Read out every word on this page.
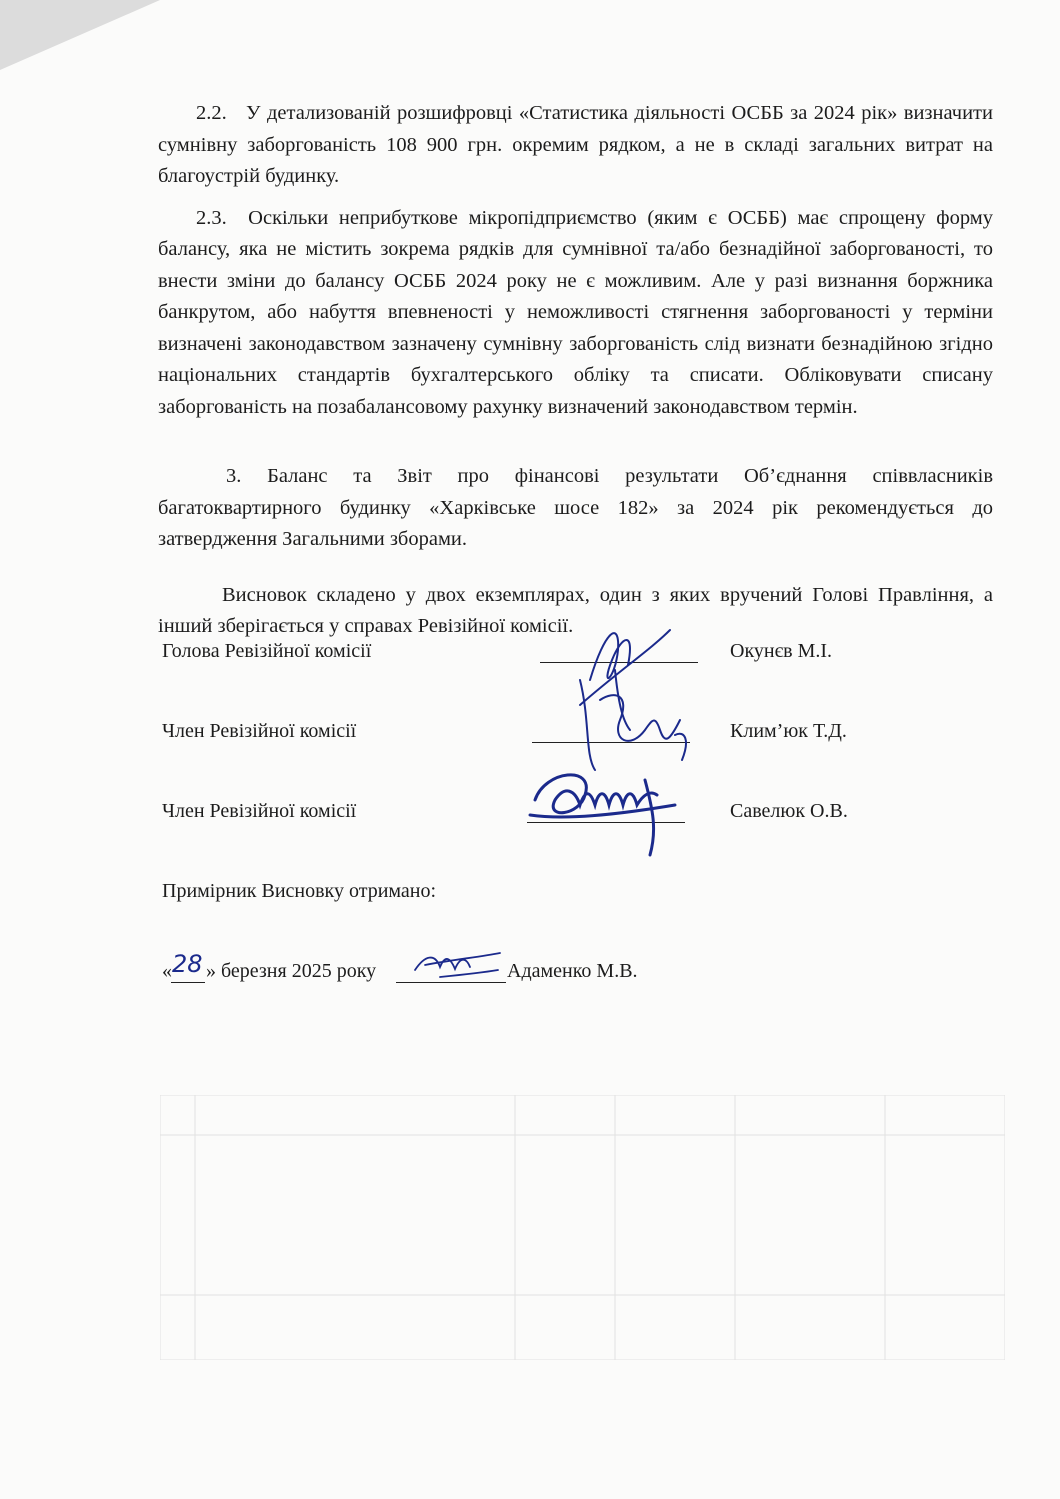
2.2.   У детализованій розшифровці «Статистика діяльності ОСББ за 2024 рік» визначити сумнівну заборгованість 108 900 грн. окремим рядком, а не в складі загальних витрат на благоустрій будинку.

2.3.  Оскільки неприбуткове мікропідприємство (яким є ОСББ) має спрощену форму балансу, яка не містить зокрема рядків для сумнівної та/або безнадійної заборгованості, то внести зміни до балансу ОСББ 2024 року не є можливим. Але у разі визнання боржника банкрутом, або набуття впевненості у неможливості стягнення заборгованості у терміни визначені законодавством зазначену сумнівну заборгованість слід визнати безнадійною згідно національних стандартів бухгалтерського обліку та списати. Обліковувати списану заборгованість на позабалансовому рахунку визначений законодавством термін.

3. Баланс та Звіт про фінансові результати Об’єднання співвласників багатоквартирного будинку «Харківське шосе 182» за 2024 рік рекомендується до затвердження Загальними зборами.

Висновок складено у двох екземплярах, один з яких вручений Голові Правління, а інший зберігається у справах Ревізійної комісії.

Голова Ревізійної комісії	Окунєв М.І.
Член Ревізійної комісії	Клим’юк Т.Д.
Член Ревізійної комісії	Савелюк О.В.
Примірник Висновку отримано:
« 28 » березня 2025 року	Адаменко М.В.
